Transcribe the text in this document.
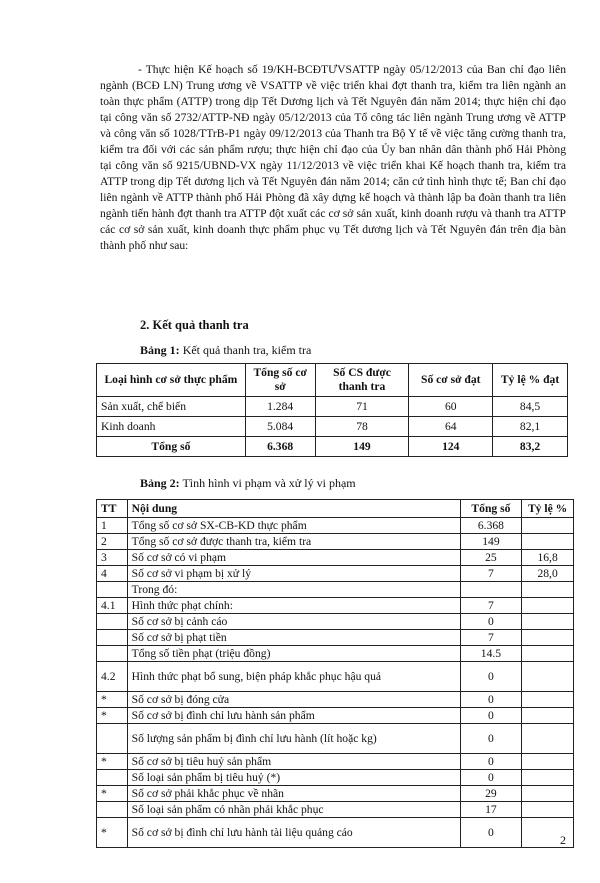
- Thực hiện Kế hoạch số 19/KH-BCĐTƯVSATTP ngày 05/12/2013 của Ban chỉ đạo liên ngành (BCĐ LN) Trung ương về VSATTP về việc triển khai đợt thanh tra, kiểm tra liên ngành an toàn thực phẩm (ATTP) trong dịp Tết Dương lịch và Tết Nguyên đán năm 2014; thực hiện chỉ đạo tại công văn số 2732/ATTP-NĐ ngày 05/12/2013 của Tổ công tác liên ngành Trung ương về ATTP và công văn số 1028/TTrB-P1 ngày 09/12/2013 của Thanh tra Bộ Y tế về việc tăng cường thanh tra, kiểm tra đối với các sản phẩm rượu; thực hiện chỉ đạo của Ủy ban nhân dân thành phố Hải Phòng tại công văn số 9215/UBND-VX ngày 11/12/2013 về việc triển khai Kế hoạch thanh tra, kiểm tra ATTP trong dịp Tết dương lịch và Tết Nguyên đán năm 2014; căn cứ tình hình thực tế; Ban chỉ đạo liên ngành về ATTP thành phố Hải Phòng đã xây dựng kế hoạch và thành lập ba đoàn thanh tra liên ngành tiến hành đợt thanh tra ATTP đột xuất các cơ sở sản xuất, kinh doanh rượu và thanh tra ATTP các cơ sở sản xuất, kinh doanh thực phẩm phục vụ Tết dương lịch và Tết Nguyên đán trên địa bàn thành phố như sau:

2. Kết quả thanh tra

Bảng 1: Kết quả thanh tra, kiểm tra

Loại hình cơ sở thực phẩm	Tổng số cơ sở	Số CS được thanh tra	Số cơ sở đạt	Tỷ lệ % đạt
Sản xuất, chế biến	1.284	71	60	84,5
Kinh doanh	5.084	78	64	82,1
Tổng số	6.368	149	124	83,2

Bảng 2: Tình hình vi phạm và xử lý vi phạm

TT	Nội dung	Tổng số	Tỷ lệ %
1	Tổng số cơ sở SX-CB-KD thực phẩm	6.368	
2	Tổng số cơ sở được thanh tra, kiểm tra	149	
3	Số cơ sở có vi phạm	25	16,8
4	Số cơ sở vi phạm bị xử lý	7	28,0
	Trong đó:		
4.1	Hình thức phạt chính:	7	
	Số cơ sở bị cảnh cáo	0	
	Số cơ sở bị phạt tiền	7	
	Tổng số tiền phạt (triệu đồng)	14.5	
4.2	Hình thức phạt bổ sung, biện pháp khắc phục hậu quả	0	
*	Số cơ sở bị đóng cửa	0	
*	Số cơ sở bị đình chỉ lưu hành sản phẩm	0	
	Số lượng sản phẩm bị đình chỉ lưu hành (lít hoặc kg)	0	
*	Số cơ sở bị tiêu huỷ sản phẩm	0	
	Số loại sản phẩm bị tiêu huỷ (*)	0	
*	Số cơ sở phải khắc phục về nhãn	29	
	Số loại sản phẩm có nhãn phải khắc phục	17	
*	Số cơ sở bị đình chỉ lưu hành tài liệu quảng cáo	0	
2
